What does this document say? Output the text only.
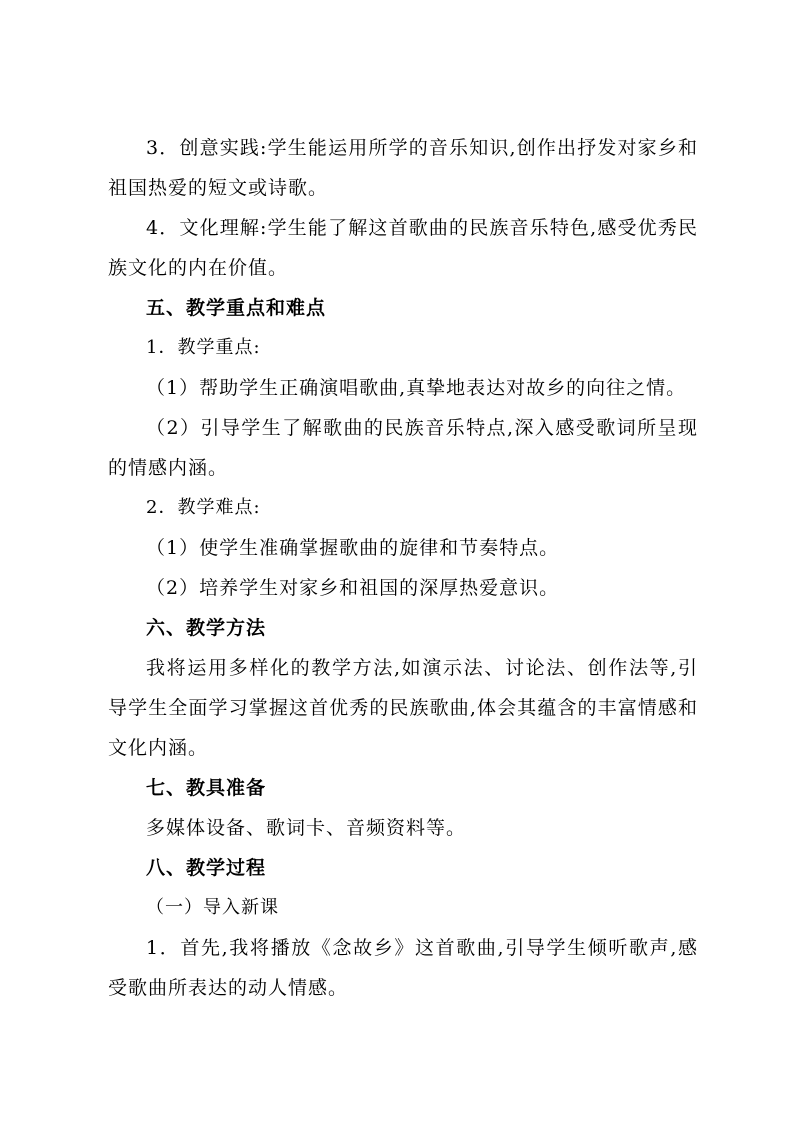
3．创意实践:学生能运用所学的音乐知识,创作出抒发对家乡和祖国热爱的短文或诗歌。

4．文化理解:学生能了解这首歌曲的民族音乐特色,感受优秀民族文化的内在价值。

五、教学重点和难点

1．教学重点:

（1）帮助学生正确演唱歌曲,真挚地表达对故乡的向往之情。

（2）引导学生了解歌曲的民族音乐特点,深入感受歌词所呈现的情感内涵。

2．教学难点:

（1）使学生准确掌握歌曲的旋律和节奏特点。

（2）培养学生对家乡和祖国的深厚热爱意识。

六、教学方法

我将运用多样化的教学方法,如演示法、讨论法、创作法等,引导学生全面学习掌握这首优秀的民族歌曲,体会其蕴含的丰富情感和文化内涵。

七、教具准备

多媒体设备、歌词卡、音频资料等。

八、教学过程

（一）导入新课

1．首先,我将播放《念故乡》这首歌曲,引导学生倾听歌声,感受歌曲所表达的动人情感。
